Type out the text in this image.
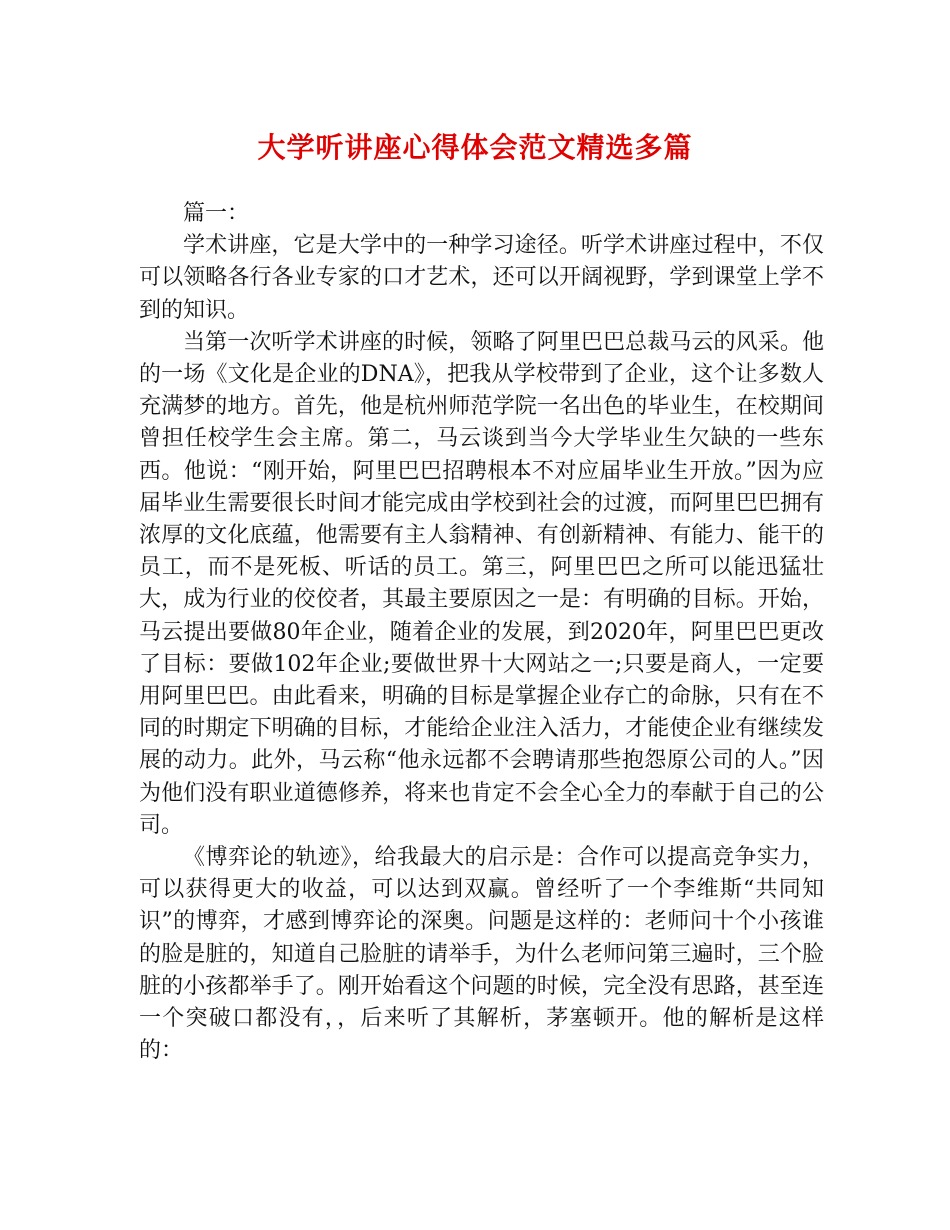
大学听讲座心得体会范文精选多篇

篇一：

学术讲座，它是大学中的一种学习途径。听学术讲座过程中，不仅可以领略各行各业专家的口才艺术，还可以开阔视野，学到课堂上学不到的知识。

当第一次听学术讲座的时候，领略了阿里巴巴总裁马云的风采。他的一场《文化是企业的DNA》，把我从学校带到了企业，这个让多数人充满梦的地方。首先，他是杭州师范学院一名出色的毕业生，在校期间曾担任校学生会主席。第二，马云谈到当今大学毕业生欠缺的一些东西。他说：“刚开始，阿里巴巴招聘根本不对应届毕业生开放。”因为应届毕业生需要很长时间才能完成由学校到社会的过渡，而阿里巴巴拥有浓厚的文化底蕴，他需要有主人翁精神、有创新精神、有能力、能干的员工，而不是死板、听话的员工。第三，阿里巴巴之所可以能迅猛壮大，成为行业的佼佼者，其最主要原因之一是：有明确的目标。开始，马云提出要做80年企业，随着企业的发展，到2020年，阿里巴巴更改了目标：要做102年企业;要做世界十大网站之一;只要是商人，一定要用阿里巴巴。由此看来，明确的目标是掌握企业存亡的命脉，只有在不同的时期定下明确的目标，才能给企业注入活力，才能使企业有继续发展的动力。此外，马云称“他永远都不会聘请那些抱怨原公司的人。”因为他们没有职业道德修养，将来也肯定不会全心全力的奉献于自己的公司。

《博弈论的轨迹》，给我最大的启示是：合作可以提高竞争实力，可以获得更大的收益，可以达到双赢。曾经听了一个李维斯“共同知识”的博弈，才感到博弈论的深奥。问题是这样的：老师问十个小孩谁的脸是脏的，知道自己脸脏的请举手，为什么老师问第三遍时，三个脸脏的小孩都举手了。刚开始看这个问题的时候，完全没有思路，甚至连一个突破口都没有，，后来听了其解析，茅塞顿开。他的解析是这样的：
